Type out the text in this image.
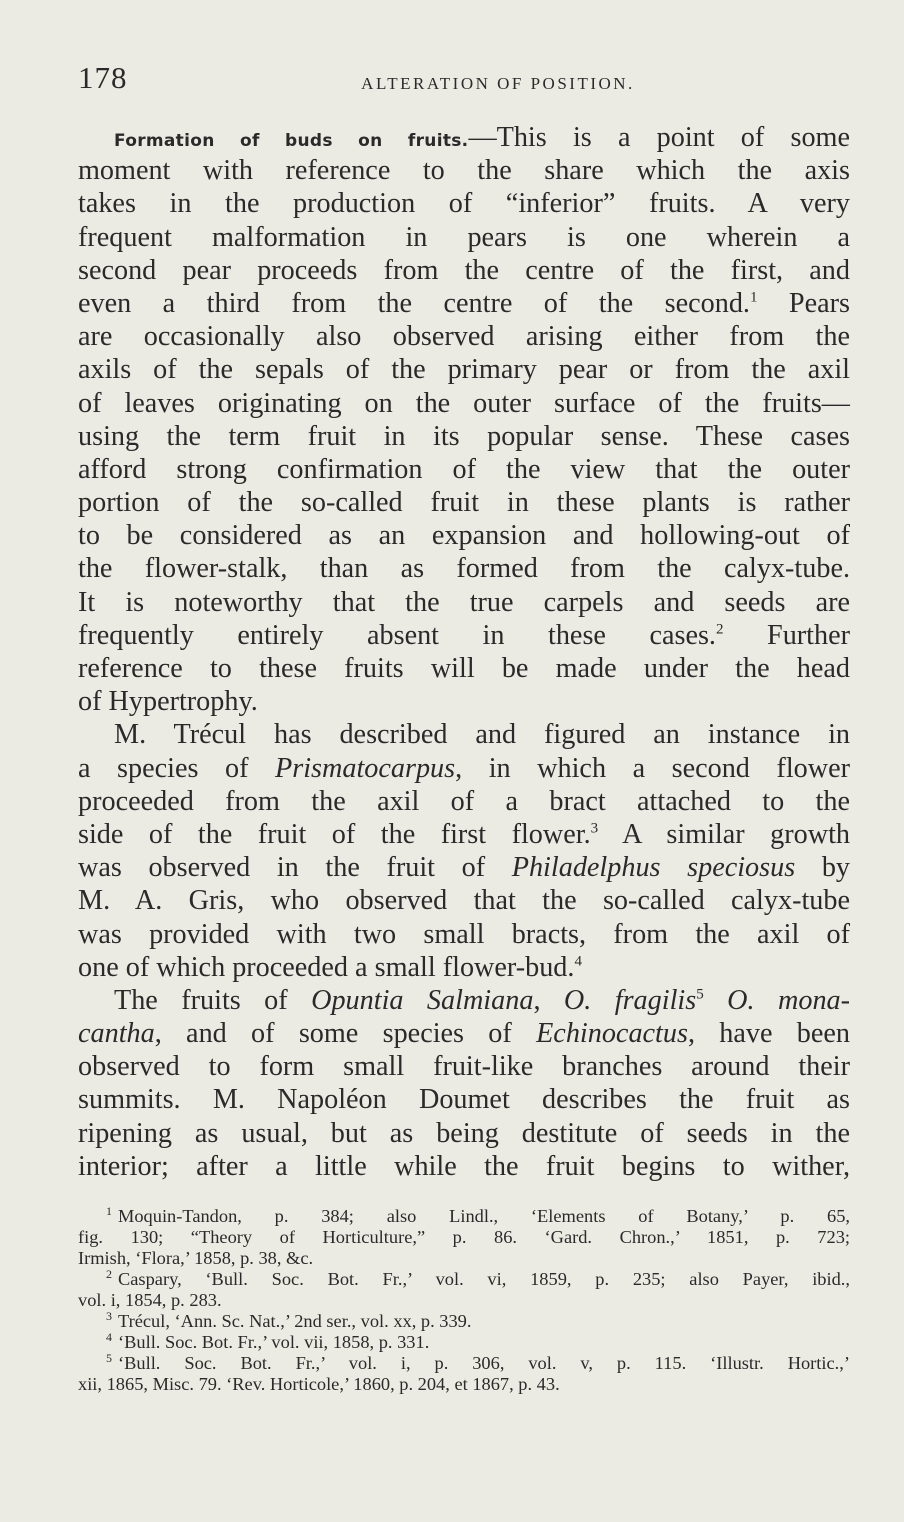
178	ALTERATION OF POSITION.
Formation of buds on fruits.—This is a point of some
moment with reference to the share which the axis
takes in the production of “inferior” fruits. A very
frequent malformation in pears is one wherein a
second pear proceeds from the centre of the first, and
even a third from the centre of the second.$^1$ Pears
are occasionally also observed arising either from the
axils of the sepals of the primary pear or from the axil
of leaves originating on the outer surface of the fruits—
using the term fruit in its popular sense. These cases
afford strong confirmation of the view that the outer
portion of the so-called fruit in these plants is rather
to be considered as an expansion and hollowing-out of
the flower-stalk, than as formed from the calyx-tube.
It is noteworthy that the true carpels and seeds are
frequently entirely absent in these cases.$^2$ Further
reference to these fruits will be made under the head
of Hypertrophy.
M. Trécul has described and figured an instance in
a species of Prismatocarpus, in which a second flower
proceeded from the axil of a bract attached to the
side of the fruit of the first flower.$^3$ A similar growth
was observed in the fruit of Philadelphus speciosus by
M. A. Gris, who observed that the so-called calyx-tube
was provided with two small bracts, from the axil of
one of which proceeded a small flower-bud.$^4$
The fruits of Opuntia Salmiana, O. fragilis$^5$ O. mona-
cantha, and of some species of Echinocactus, have been
observed to form small fruit-like branches around their
summits. M. Napoléon Doumet describes the fruit as
ripening as usual, but as being destitute of seeds in the
interior; after a little while the fruit begins to wither,
$^1$ Moquin-Tandon, p. 384; also Lindl., ‘Elements of Botany,’ p. 65,
fig. 130; “Theory of Horticulture,” p. 86. ‘Gard. Chron.,’ 1851, p. 723;
Irmish, ‘Flora,’ 1858, p. 38, &c.
$^2$ Caspary, ‘Bull. Soc. Bot. Fr.,’ vol. vi, 1859, p. 235; also Payer, ibid.,
vol. i, 1854, p. 283.
$^3$ Trécul, ‘Ann. Sc. Nat.,’ 2nd ser., vol. xx, p. 339.
$^4$ ‘Bull. Soc. Bot. Fr.,’ vol. vii, 1858, p. 331.
$^5$ ‘Bull. Soc. Bot. Fr.,’ vol. i, p. 306, vol. v, p. 115. ‘Illustr. Hortic.,’
xii, 1865, Misc. 79. ‘Rev. Horticole,’ 1860, p. 204, et 1867, p. 43.
